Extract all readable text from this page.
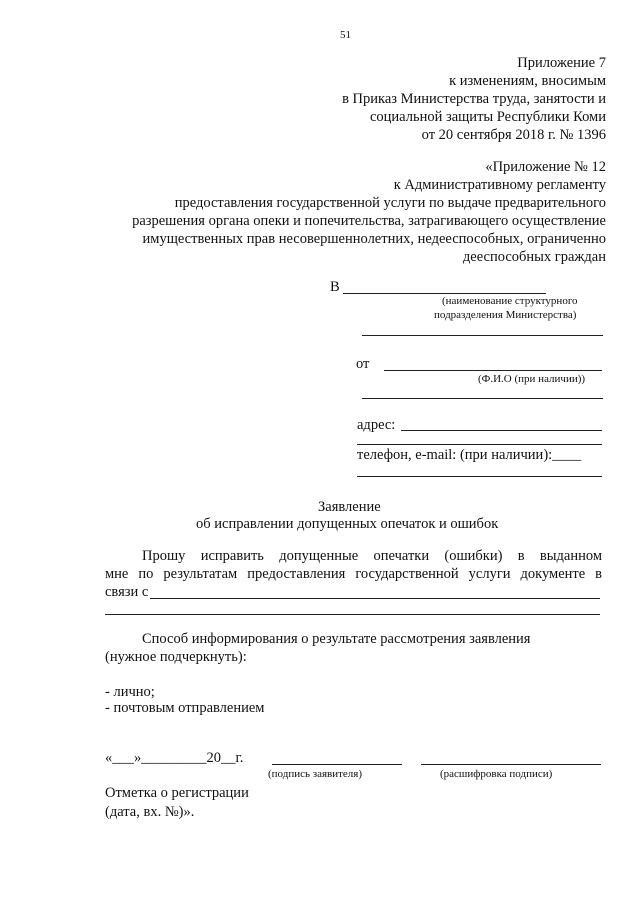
51
Приложение 7
к изменениям, вносимым
в Приказ Министерства труда, занятости и
социальной защиты Республики Коми
от 20 сентября 2018 г. № 1396
«Приложение № 12
к Административному регламенту
предоставления государственной услуги по выдаче предварительного
разрешения органа опеки и попечительства, затрагивающего осуществление
имущественных прав несовершеннолетних, недееспособных, ограниченно
дееспособных граждан
В
(наименование структурного
подразделения Министерства)
от
(Ф.И.О (при наличии))
адрес:
телефон, e-mail: (при наличии):____
Заявление
об исправлении допущенных опечаток и ошибок
Прошу исправить допущенные опечатки (ошибки) в выданном
мне по результатам предоставления государственной услуги документе в
связи с
Способ информирования о результате рассмотрения заявления
(нужное подчеркнуть):
- лично;
- почтовым отправлением
«___»_________20__г.
(подпись заявителя)	(расшифровка подписи)
Отметка о регистрации
(дата, вх. №)».
